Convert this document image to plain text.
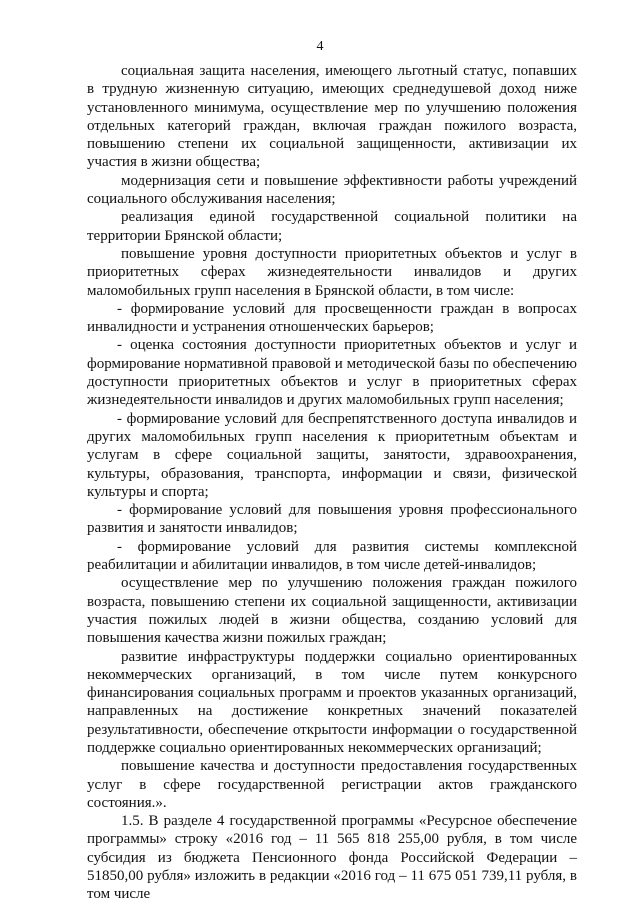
4

социальная защита населения, имеющего льготный статус, попавших в трудную жизненную ситуацию, имеющих среднедушевой доход ниже установленного минимума, осуществление мер по улучшению положения отдельных категорий граждан, включая граждан пожилого возраста, повышению степени их социальной защищенности, активизации их участия в жизни общества;

модернизация сети и повышение эффективности работы учреждений социального обслуживания населения;

реализация единой государственной социальной политики на территории Брянской области;

повышение уровня доступности приоритетных объектов и услуг в приоритетных сферах жизнедеятельности инвалидов и других маломобильных групп населения в Брянской области, в том числе:

- формирование условий для просвещенности граждан в вопросах инвалидности и устранения отношенческих барьеров;

- оценка состояния доступности приоритетных объектов и услуг и формирование нормативной правовой и методической базы по обеспечению доступности приоритетных объектов и услуг в приоритетных сферах жизнедеятельности инвалидов и других маломобильных групп населения;

- формирование условий для беспрепятственного доступа инвалидов и других маломобильных групп населения к приоритетным объектам и услугам в сфере социальной защиты, занятости, здравоохранения, культуры, образования, транспорта, информации и связи, физической культуры и спорта;

- формирование условий для повышения уровня профессионального развития и занятости инвалидов;

- формирование условий для развития системы комплексной реабилитации и абилитации инвалидов, в том числе детей-инвалидов;

осуществление мер по улучшению положения граждан пожилого возраста, повышению степени их социальной защищенности, активизации участия пожилых людей в жизни общества, созданию условий для повышения качества жизни пожилых граждан;

развитие инфраструктуры поддержки социально ориентированных некоммерческих организаций, в том числе путем конкурсного финансирования социальных программ и проектов указанных организаций, направленных на достижение конкретных значений показателей результативности, обеспечение открытости информации о государственной поддержке социально ориентированных некоммерческих организаций;

повышение качества и доступности предоставления государственных услуг в сфере государственной регистрации актов гражданского состояния.».

1.5. В разделе 4 государственной программы «Ресурсное обеспечение программы» строку «2016 год – 11 565 818 255,00 рубля, в том числе субсидия из бюджета Пенсионного фонда Российской Федерации – 51850,00 рубля» изложить в редакции «2016 год – 11 675 051 739,11 рубля, в том числе
